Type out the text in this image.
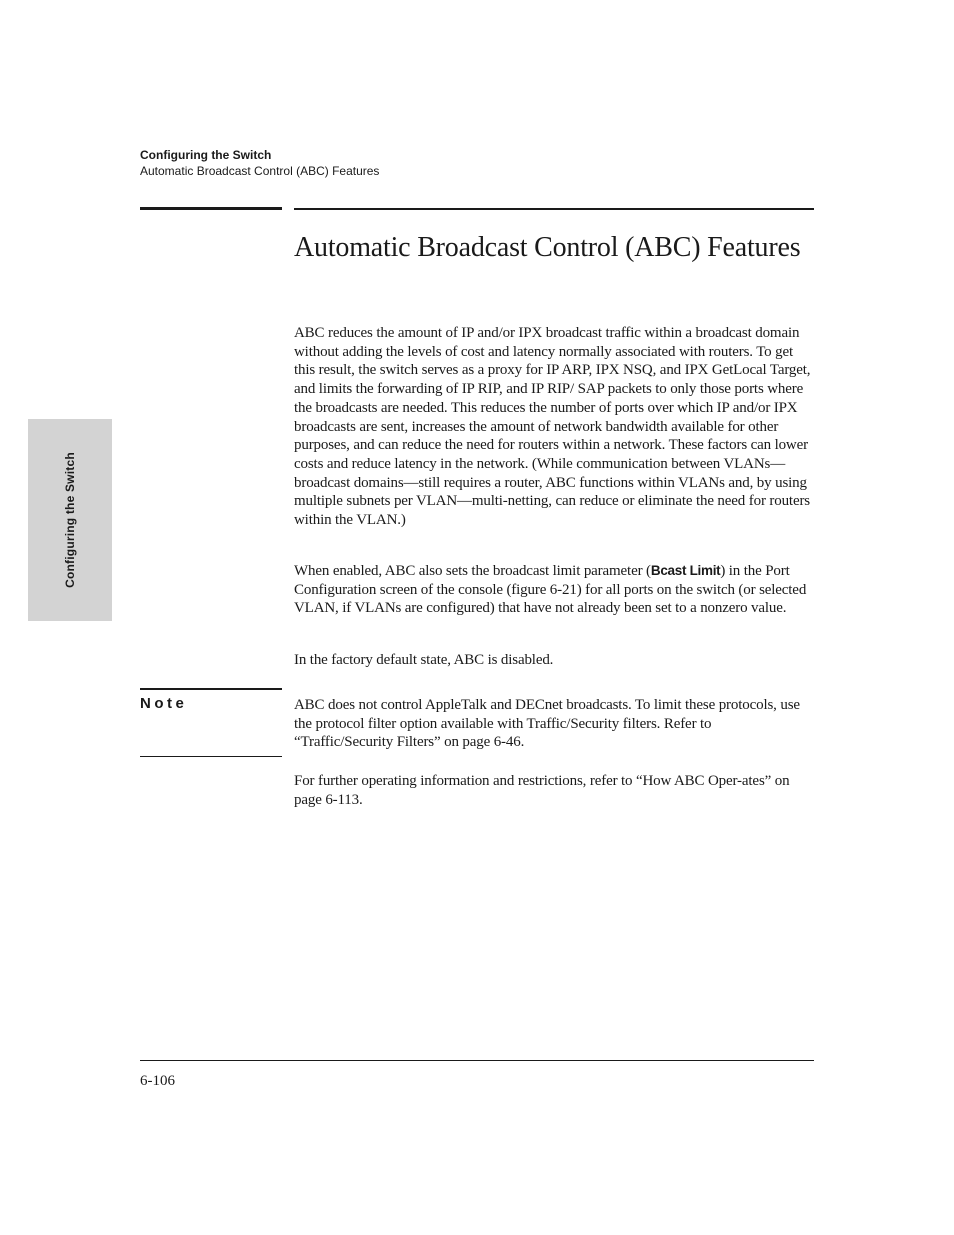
Configuring the Switch
Automatic Broadcast Control (ABC) Features
Configuring the Switch
Automatic Broadcast Control (ABC) Features

ABC reduces the amount of IP and/or IPX broadcast traffic within a broadcast domain without adding the levels of cost and latency normally associated with routers. To get this result, the switch serves as a proxy for IP ARP, IPX NSQ, and IPX GetLocal Target, and limits the forwarding of IP RIP, and IP RIP/ SAP packets to only those ports where the broadcasts are needed. This reduces the number of ports over which IP and/or IPX broadcasts are sent, increases the amount of network bandwidth available for other purposes, and can reduce the need for routers within a network. These factors can lower costs and reduce latency in the network. (While communication between VLANs—broadcast domains—still requires a router, ABC functions within VLANs and, by using multiple subnets per VLAN—multi-netting, can reduce or eliminate the need for routers within the VLAN.)

When enabled, ABC also sets the broadcast limit parameter (Bcast Limit) in the Port Configuration screen of the console (figure 6-21) for all ports on the switch (or selected VLAN, if VLANs are configured) that have not already been set to a nonzero value.

In the factory default state, ABC is disabled.

Note	ABC does not control AppleTalk and DECnet broadcasts. To limit these protocols, use the protocol filter option available with Traffic/Security filters. Refer to “Traffic/Security Filters” on page 6-46.

For further operating information and restrictions, refer to “How ABC Oper-ates” on page 6-113.

6-106
